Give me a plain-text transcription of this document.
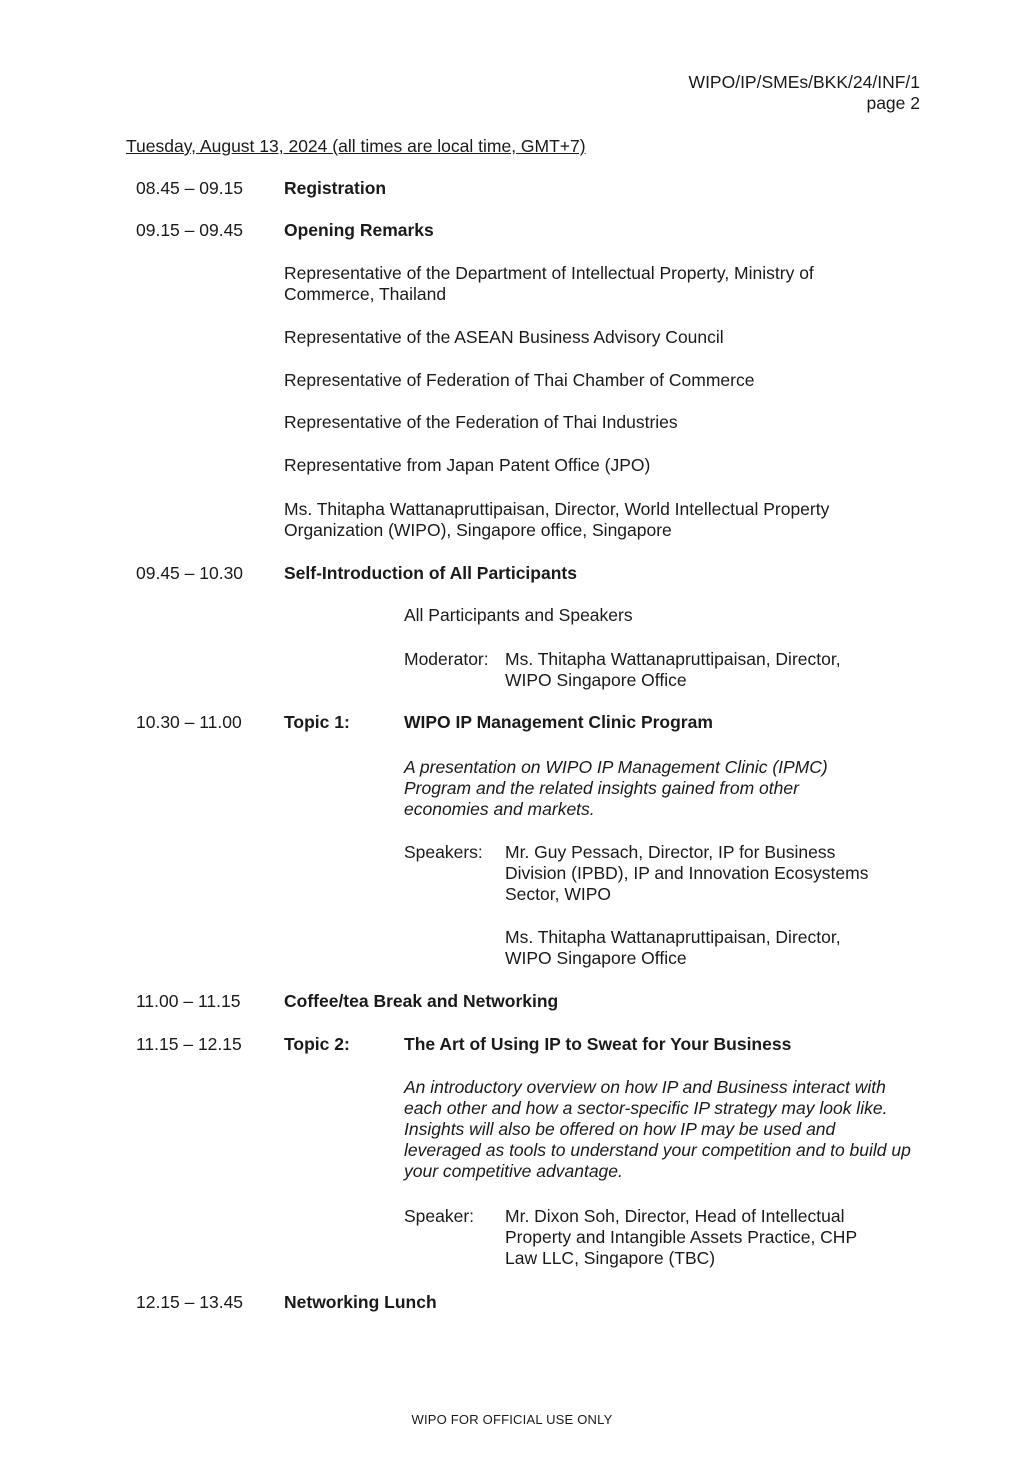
WIPO/IP/SMEs/BKK/24/INF/1
page 2
Tuesday, August 13, 2024 (all times are local time, GMT+7)
08.45 – 09.15 Registration
09.15 – 09.45 Opening Remarks
Representative of the Department of Intellectual Property, Ministry of Commerce, Thailand
Representative of the ASEAN Business Advisory Council
Representative of Federation of Thai Chamber of Commerce
Representative of the Federation of Thai Industries
Representative from Japan Patent Office (JPO)
Ms. Thitapha Wattanapruttipaisan, Director, World Intellectual Property Organization (WIPO), Singapore office, Singapore
09.45 – 10.30 Self-Introduction of All Participants
All Participants and Speakers
Moderator: Ms. Thitapha Wattanapruttipaisan, Director, WIPO Singapore Office
10.30 – 11.00 Topic 1:	WIPO IP Management Clinic Program
A presentation on WIPO IP Management Clinic (IPMC) Program and the related insights gained from other economies and markets.
Speakers: Mr. Guy Pessach, Director, IP for Business Division (IPBD), IP and Innovation Ecosystems Sector, WIPO
Ms. Thitapha Wattanapruttipaisan, Director, WIPO Singapore Office
11.00 – 11.15 Coffee/tea Break and Networking
11.15 – 12.15 Topic 2:	The Art of Using IP to Sweat for Your Business
An introductory overview on how IP and Business interact with each other and how a sector-specific IP strategy may look like. Insights will also be offered on how IP may be used and leveraged as tools to understand your competition and to build up your competitive advantage.
Speaker: Mr. Dixon Soh, Director, Head of Intellectual Property and Intangible Assets Practice, CHP Law LLC, Singapore (TBC)
12.15 – 13.45 Networking Lunch
WIPO FOR OFFICIAL USE ONLY
